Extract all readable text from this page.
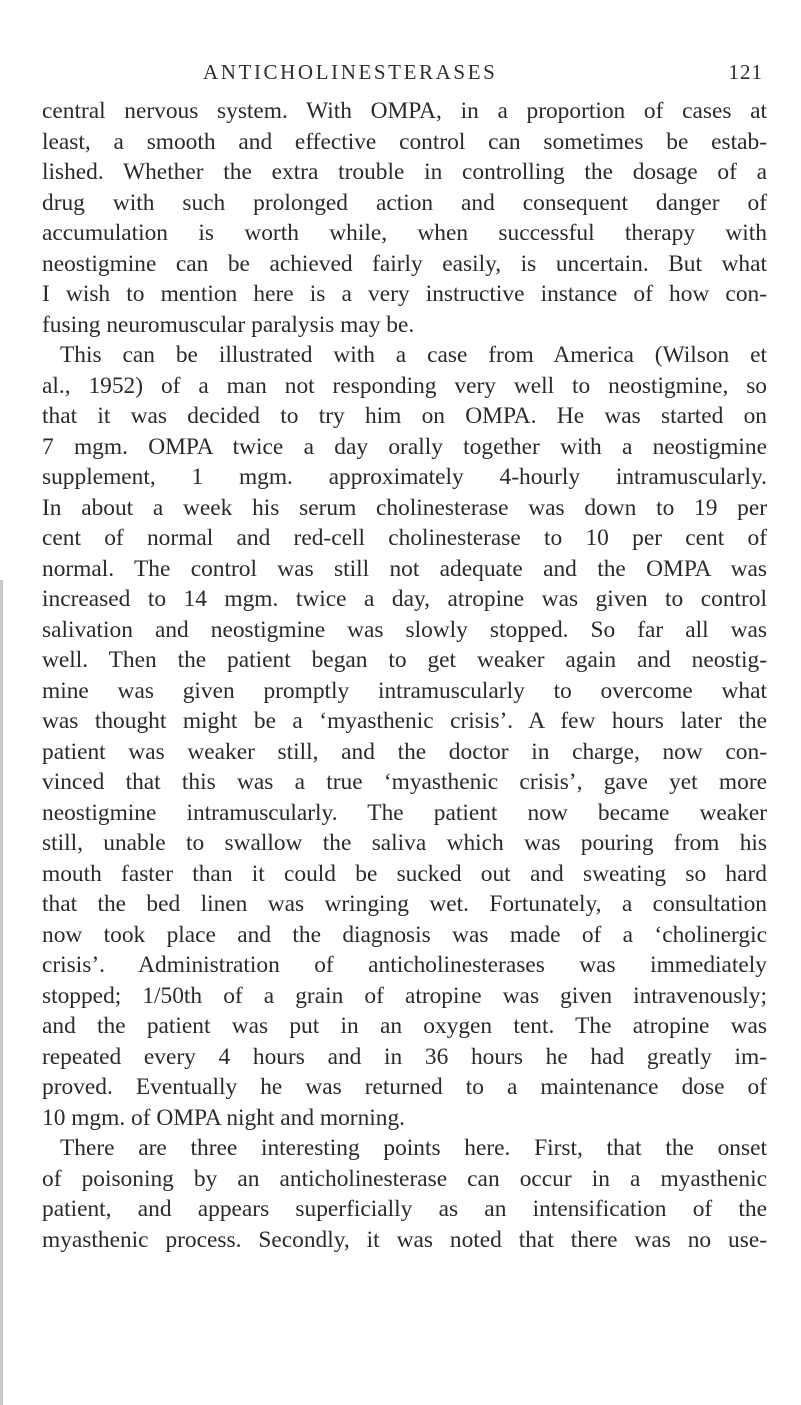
ANTICHOLINESTERASES	121
central nervous system. With OMPA, in a proportion of cases at
least, a smooth and effective control can sometimes be estab-
lished. Whether the extra trouble in controlling the dosage of a
drug with such prolonged action and consequent danger of
accumulation is worth while, when successful therapy with
neostigmine can be achieved fairly easily, is uncertain. But what
I wish to mention here is a very instructive instance of how con-
fusing neuromuscular paralysis may be.
This can be illustrated with a case from America (Wilson et
al., 1952) of a man not responding very well to neostigmine, so
that it was decided to try him on OMPA. He was started on
7 mgm. OMPA twice a day orally together with a neostigmine
supplement, 1 mgm. approximately 4-hourly intramuscularly.
In about a week his serum cholinesterase was down to 19 per
cent of normal and red-cell cholinesterase to 10 per cent of
normal. The control was still not adequate and the OMPA was
increased to 14 mgm. twice a day, atropine was given to control
salivation and neostigmine was slowly stopped. So far all was
well. Then the patient began to get weaker again and neostig-
mine was given promptly intramuscularly to overcome what
was thought might be a ‘myasthenic crisis’. A few hours later the
patient was weaker still, and the doctor in charge, now con-
vinced that this was a true ‘myasthenic crisis’, gave yet more
neostigmine intramuscularly. The patient now became weaker
still, unable to swallow the saliva which was pouring from his
mouth faster than it could be sucked out and sweating so hard
that the bed linen was wringing wet. Fortunately, a consultation
now took place and the diagnosis was made of a ‘cholinergic
crisis’. Administration of anticholinesterases was immediately
stopped; 1/50th of a grain of atropine was given intravenously;
and the patient was put in an oxygen tent. The atropine was
repeated every 4 hours and in 36 hours he had greatly im-
proved. Eventually he was returned to a maintenance dose of
10 mgm. of OMPA night and morning.
There are three interesting points here. First, that the onset
of poisoning by an anticholinesterase can occur in a myasthenic
patient, and appears superficially as an intensification of the
myasthenic process. Secondly, it was noted that there was no use-
